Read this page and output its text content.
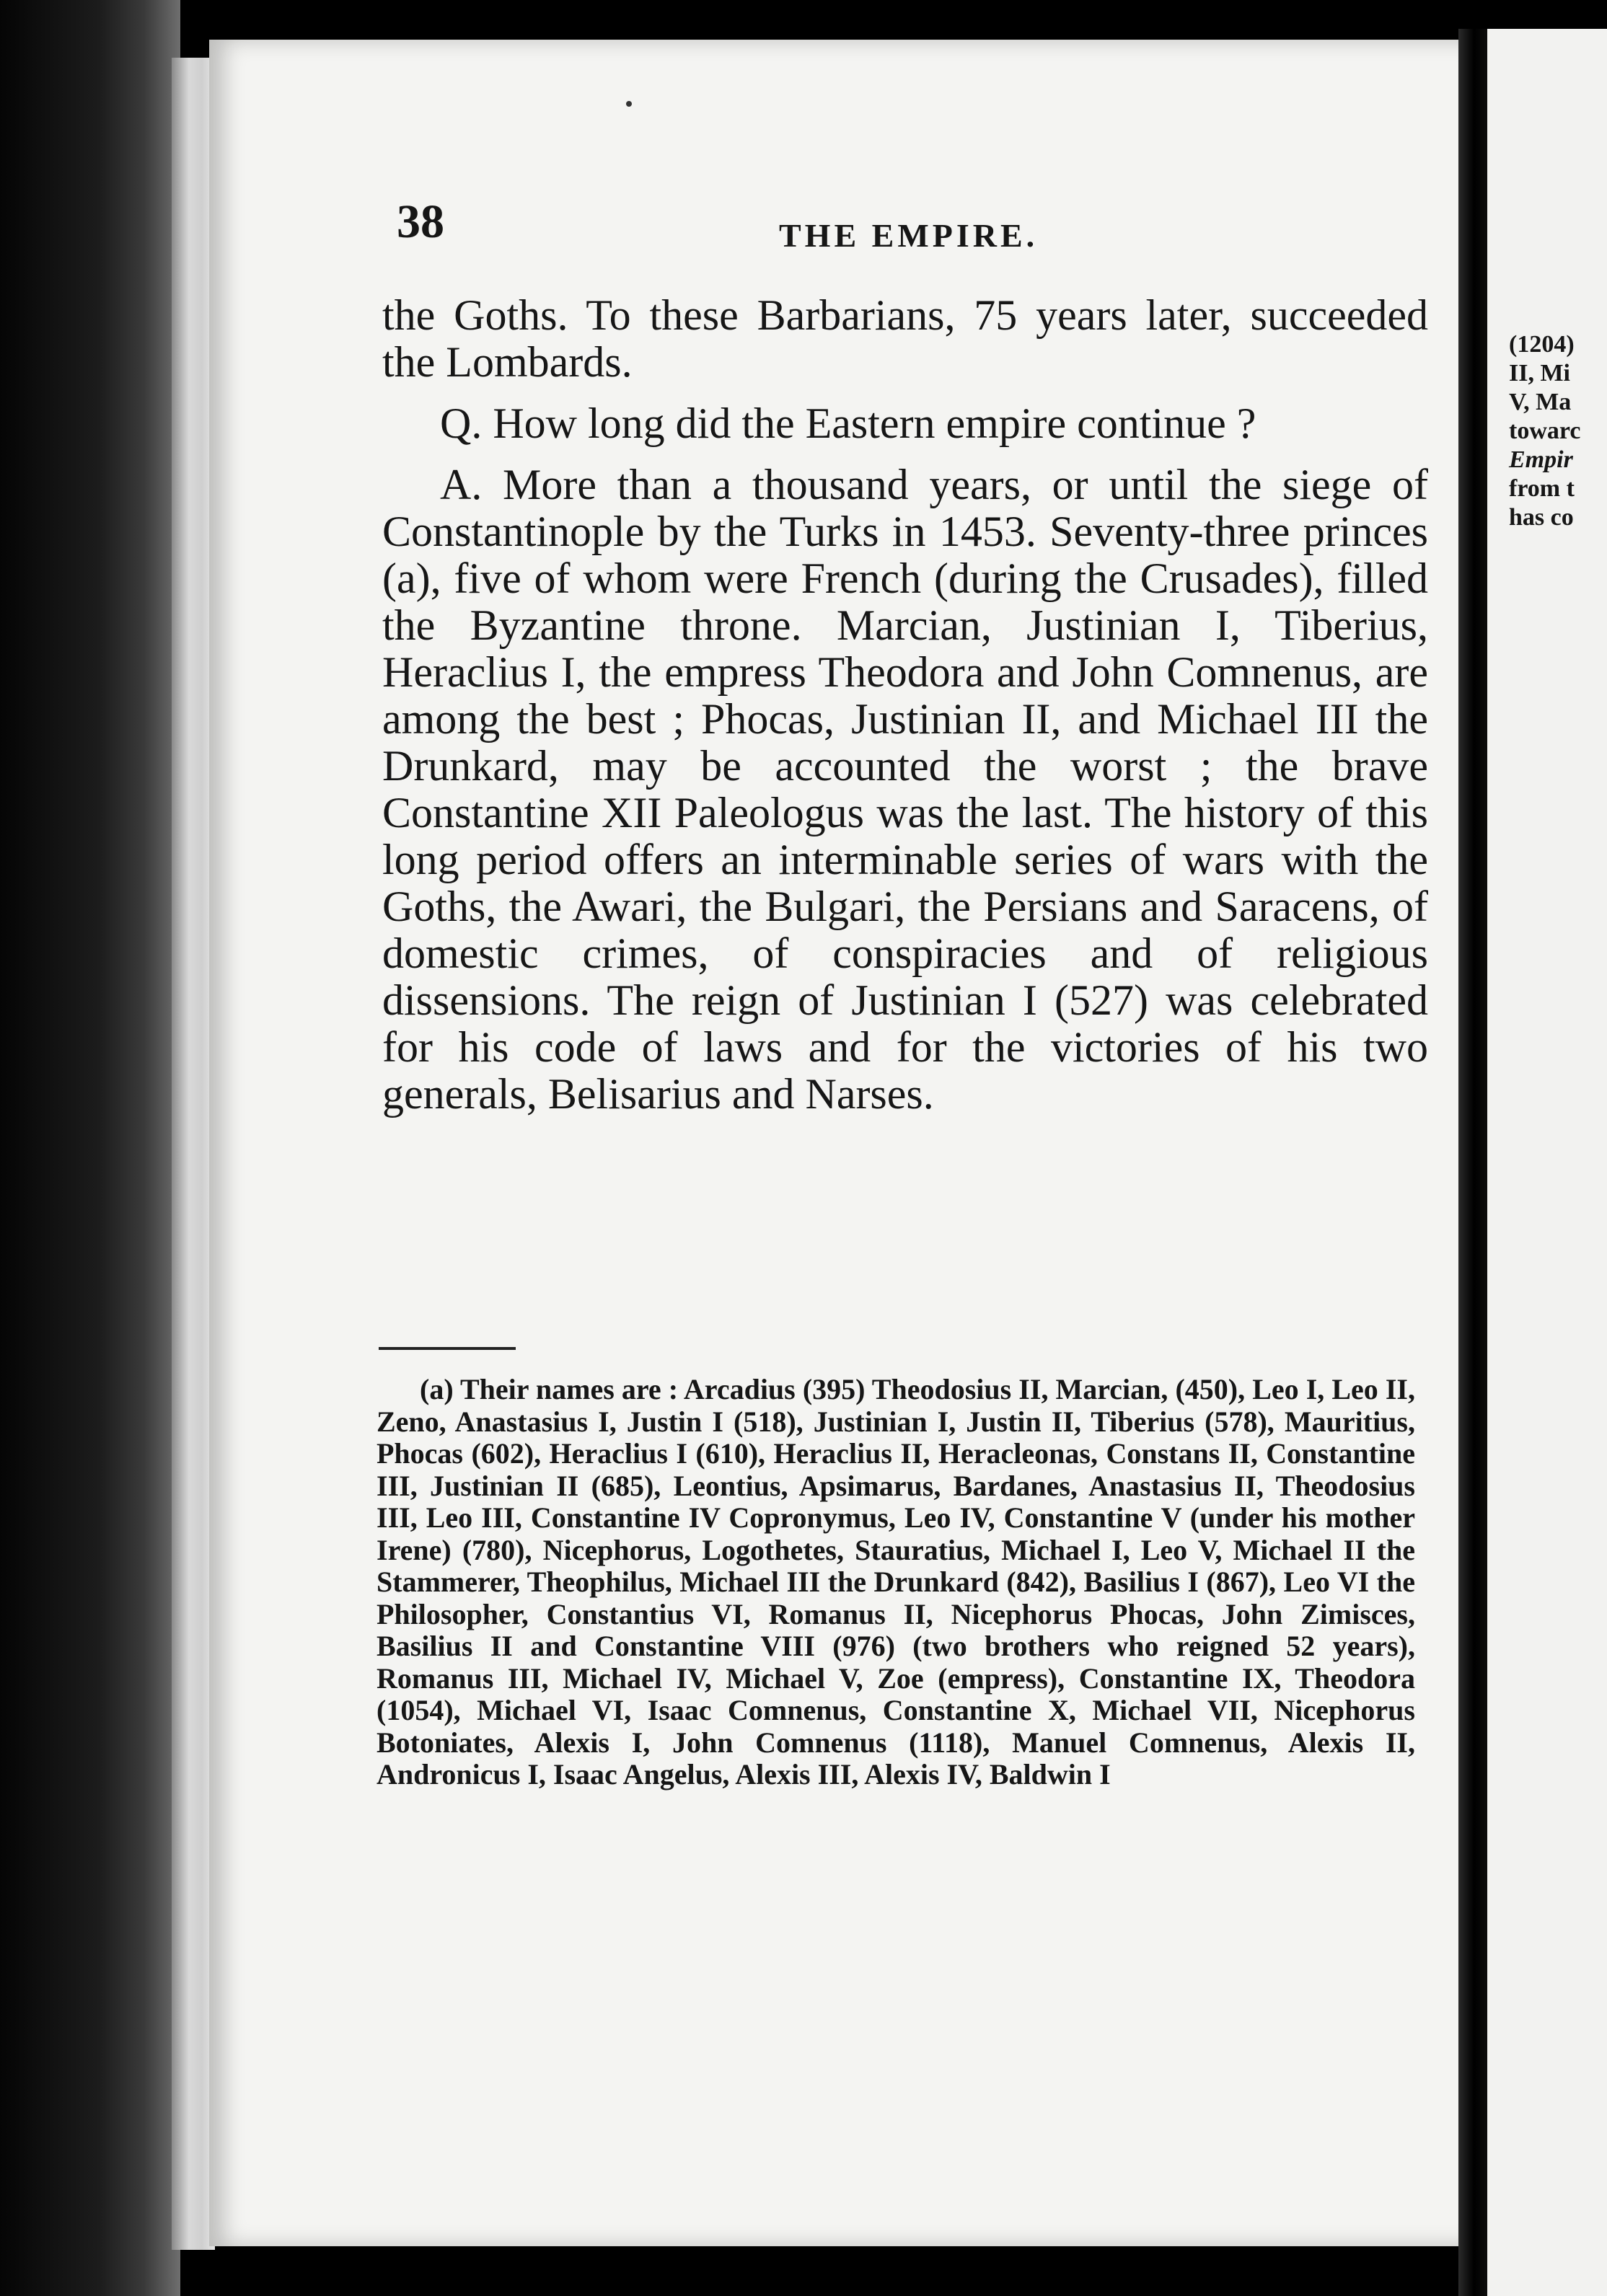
38	THE EMPIRE.

the Goths. To these Barbarians, 75 years later, succeeded the Lombards.

Q. How long did the Eastern empire continue ?

A. More than a thousand years, or until the siege of Constantinople by the Turks in 1453. Seventy-three princes (a), five of whom were French (during the Crusades), filled the Byzantine throne. Marcian, Justinian I, Tiberius, Heraclius I, the empress Theodora and John Comnenus, are among the best ; Phocas, Justinian II, and Michael III the Drunkard, may be accounted the worst ; the brave Constantine XII Paleologus was the last. The history of this long period offers an interminable series of wars with the Goths, the Awari, the Bulgari, the Persians and Saracens, of domestic crimes, of conspiracies and of religious dissensions. The reign of Justinian I (527) was celebrated for his code of laws and for the victories of his two generals, Belisarius and Narses.

(a) Their names are : Arcadius (395) Theodosius II, Marcian, (450), Leo I, Leo II, Zeno, Anastasius I, Justin I (518), Justinian I, Justin II, Tiberius (578), Mauritius, Phocas (602), Heraclius I (610), Heraclius II, Heracleonas, Constans II, Constantine III, Justinian II (685), Leontius, Apsimarus, Bardanes, Anastasius II, Theodosius III, Leo III, Constantine IV Copronymus, Leo IV, Constantine V (under his mother Irene) (780), Nicephorus, Logothetes, Stauratius, Michael I, Leo V, Michael II the Stammerer, Theophilus, Michael III the Drunkard (842), Basilius I (867), Leo VI the Philosopher, Constantius VI, Romanus II, Nicephorus Phocas, John Zimisces, Basilius II and Constantine VIII (976) (two brothers who reigned 52 years), Romanus III, Michael IV, Michael V, Zoe (empress), Constantine IX, Theodora (1054), Michael VI, Isaac Comnenus, Constantine X, Michael VII, Nicephorus Botoniates, Alexis I, John Comnenus (1118), Manuel Comnenus, Alexis II, Andronicus I, Isaac Angelus, Alexis III, Alexis IV, Baldwin I

(1204)
II, Mi
V, Ma
towarc
Empir
from t
has co
